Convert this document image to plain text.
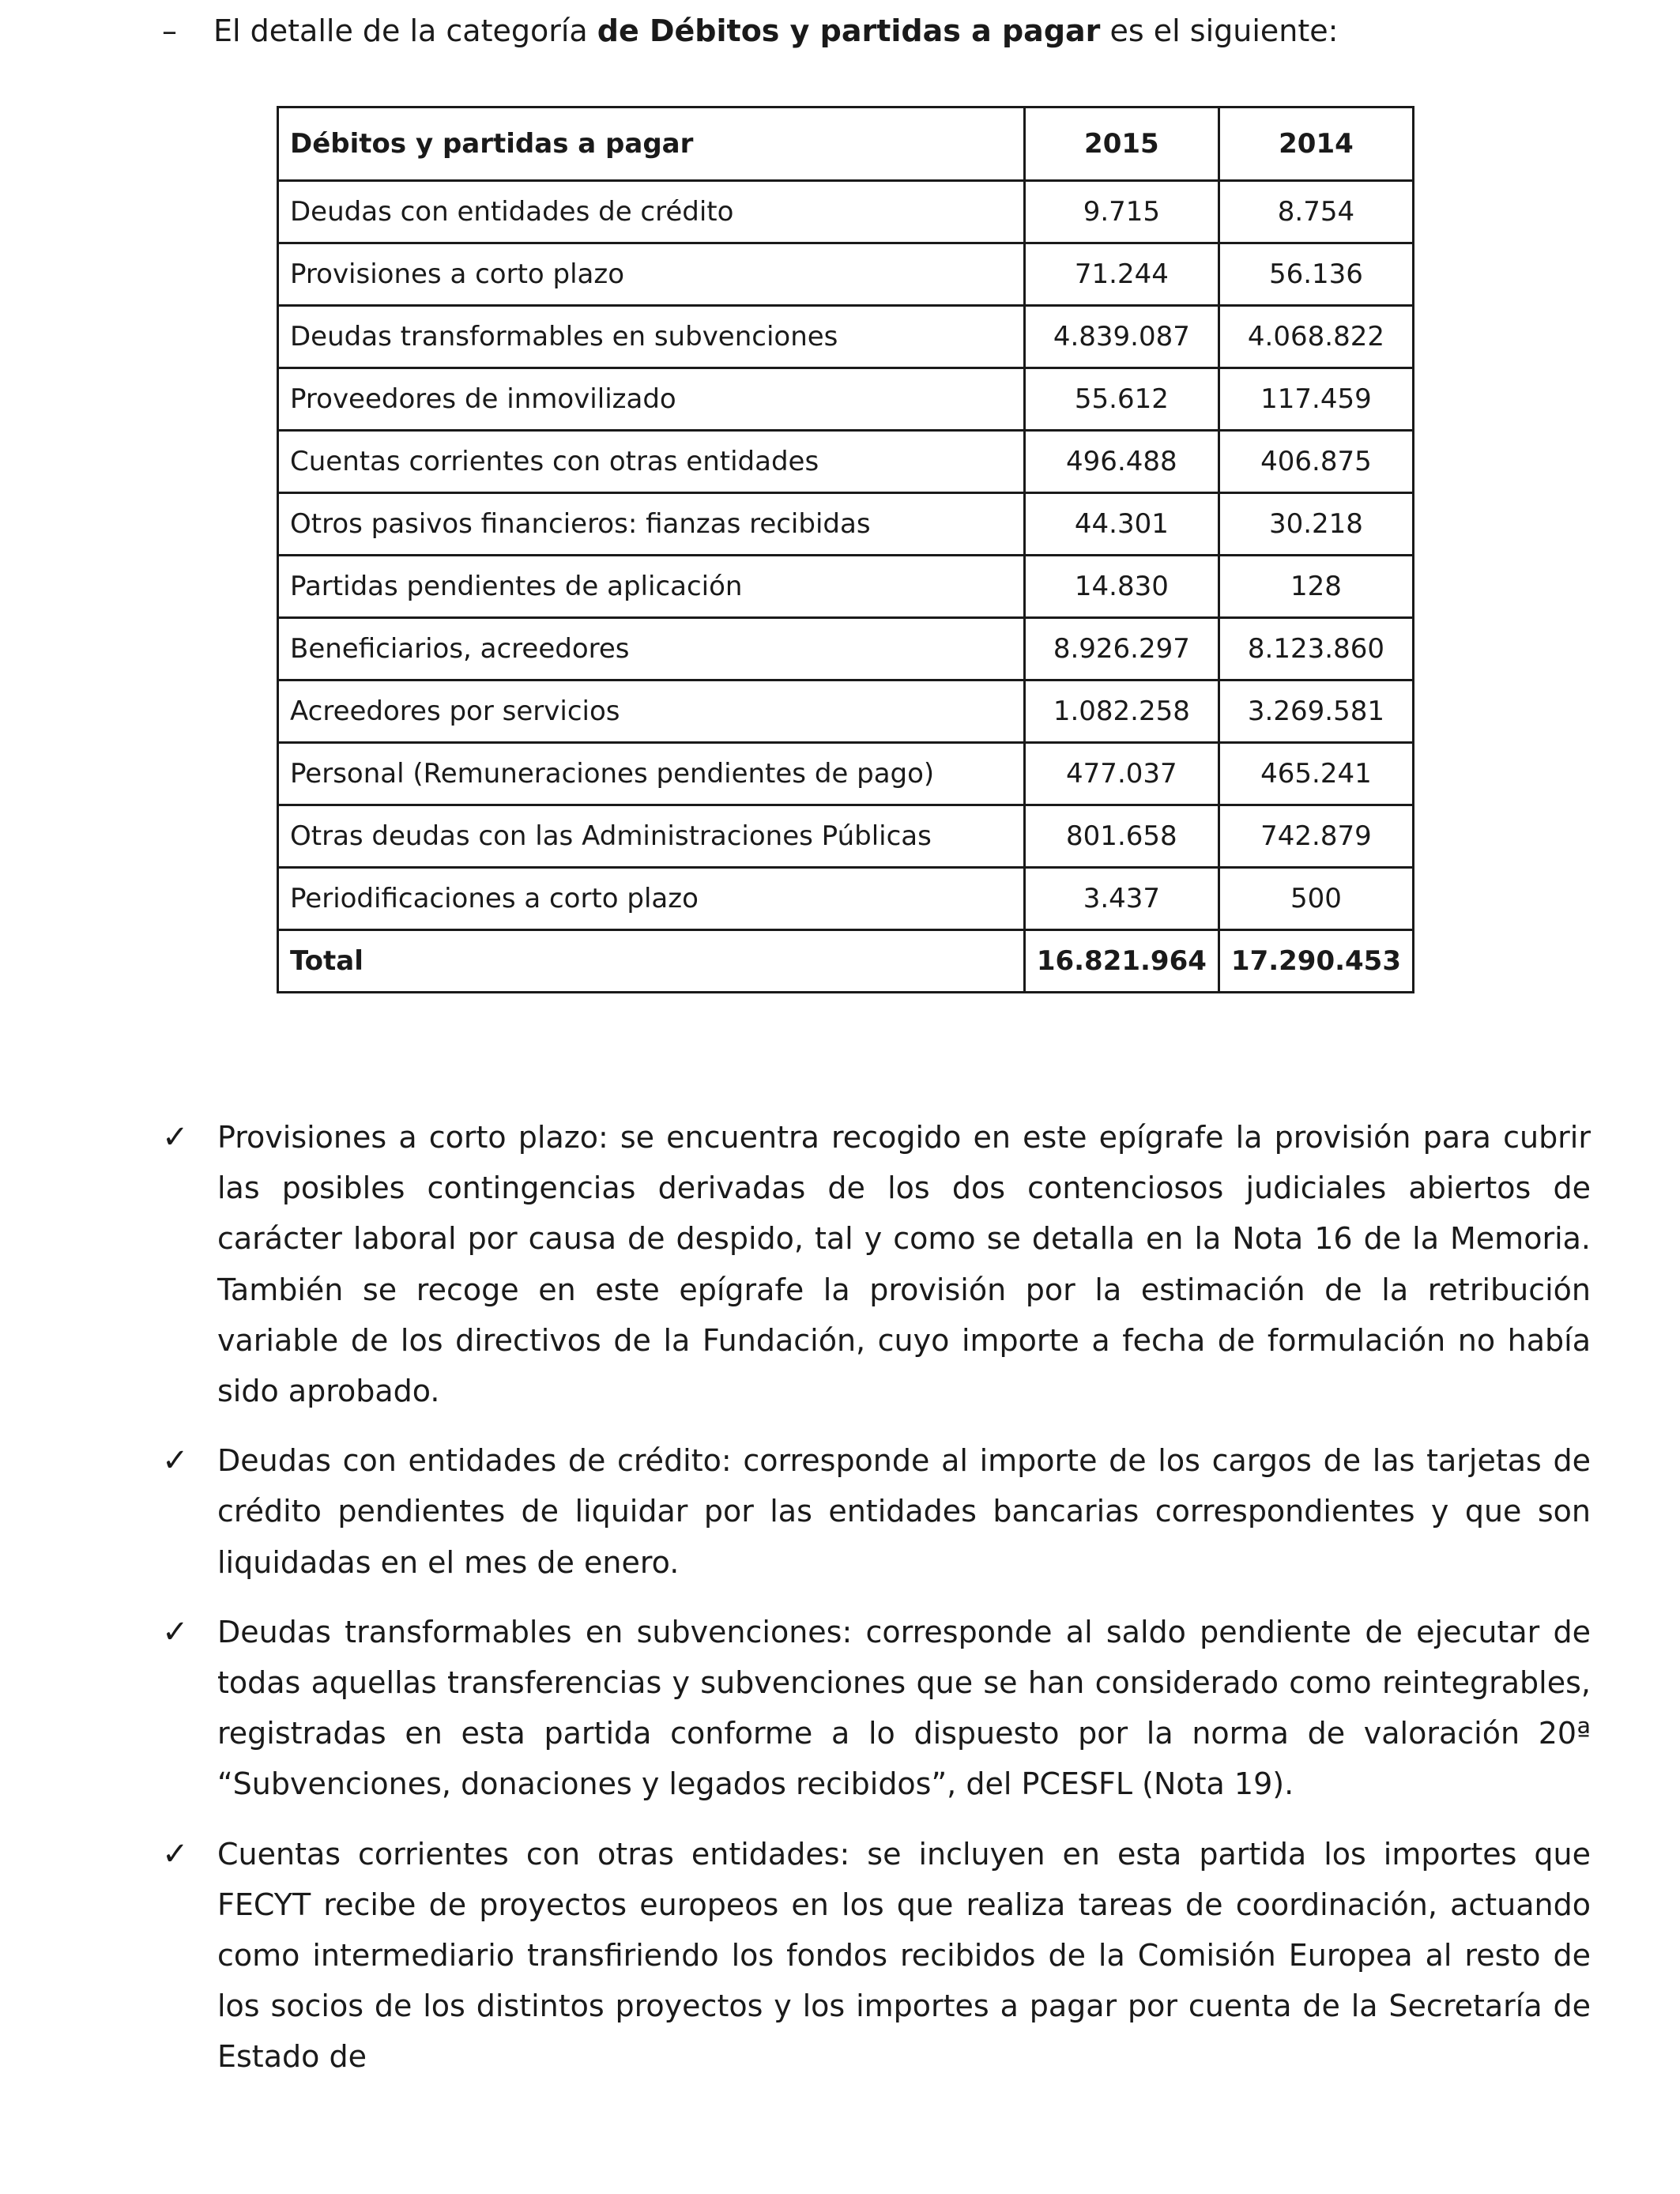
– El detalle de la categoría de Débitos y partidas a pagar es el siguiente:
Débitos y partidas a pagar	2015	2014
Deudas con entidades de crédito	9.715	8.754
Provisiones a corto plazo	71.244	56.136
Deudas transformables en subvenciones	4.839.087	4.068.822
Proveedores de inmovilizado	55.612	117.459
Cuentas corrientes con otras entidades	496.488	406.875
Otros pasivos financieros: fianzas recibidas	44.301	30.218
Partidas pendientes de aplicación	14.830	128
Beneficiarios, acreedores	8.926.297	8.123.860
Acreedores por servicios	1.082.258	3.269.581
Personal (Remuneraciones pendientes de pago)	477.037	465.241
Otras deudas con las Administraciones Públicas	801.658	742.879
Periodificaciones a corto plazo	3.437	500
Total	16.821.964	17.290.453
✓ Provisiones a corto plazo: se encuentra recogido en este epígrafe la provisión para cubrir las posibles contingencias derivadas de los dos contenciosos judiciales abiertos de carácter laboral por causa de despido, tal y como se detalla en la Nota 16 de la Memoria. También se recoge en este epígrafe la provisión por la estimación de la retribución variable de los directivos de la Fundación, cuyo importe a fecha de formulación no había sido aprobado.

✓ Deudas con entidades de crédito: corresponde al importe de los cargos de las tarjetas de crédito pendientes de liquidar por las entidades bancarias correspondientes y que son liquidadas en el mes de enero.

✓ Deudas transformables en subvenciones: corresponde al saldo pendiente de ejecutar de todas aquellas transferencias y subvenciones que se han considerado como reintegrables, registradas en esta partida conforme a lo dispuesto por la norma de valoración 20ª “Subvenciones, donaciones y legados recibidos”, del PCESFL (Nota 19).

✓ Cuentas corrientes con otras entidades: se incluyen en esta partida los importes que FECYT recibe de proyectos europeos en los que realiza tareas de coordinación, actuando como intermediario transfiriendo los fondos recibidos de la Comisión Europea al resto de los socios de los distintos proyectos y los importes a pagar por cuenta de la Secretaría de Estado de
